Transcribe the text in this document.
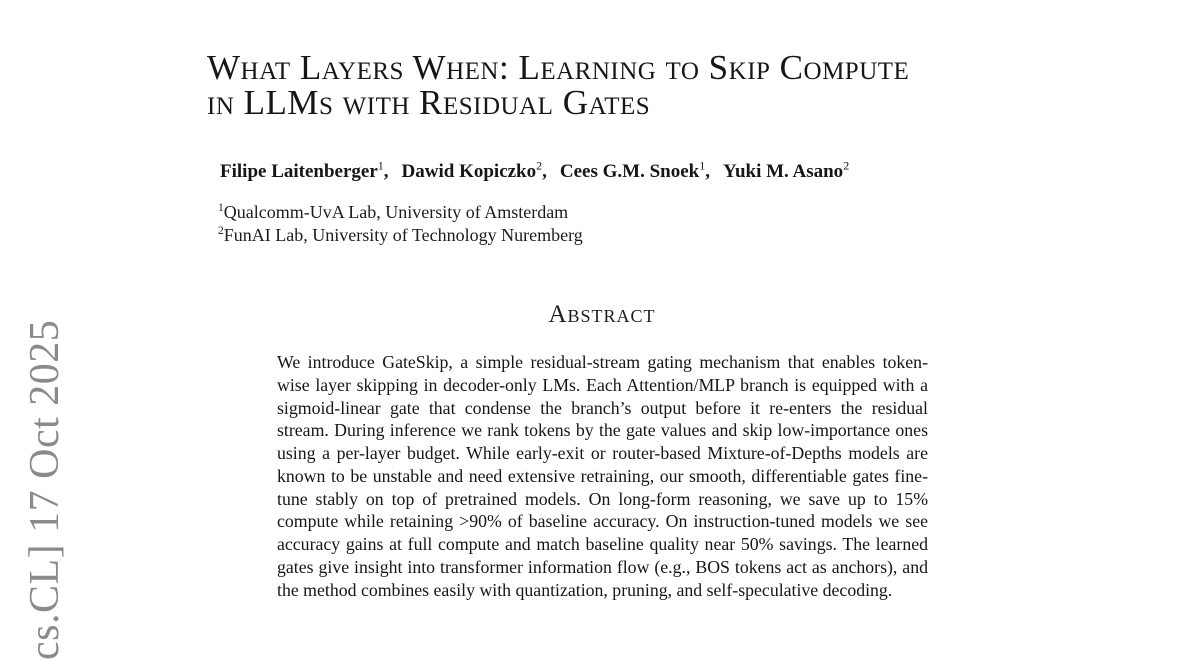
cs.CL] 17 Oct 2025
What Layers When: Learning to Skip Compute
in LLMs with Residual Gates
Filipe Laitenberger$^1$, Dawid Kopiczko$^2$, Cees G.M. Snoek$^1$, Yuki M. Asano$^2$
$^1$Qualcomm-UvA Lab, University of Amsterdam
$^2$FunAI Lab, University of Technology Nuremberg
Abstract

We introduce GateSkip, a simple residual-stream gating mechanism that enables token-wise layer skipping in decoder-only LMs. Each Attention/MLP branch is equipped with a sigmoid-linear gate that condense the branch’s output before it re-enters the residual stream. During inference we rank tokens by the gate values and skip low-importance ones using a per-layer budget. While early-exit or router-based Mixture-of-Depths models are known to be unstable and need extensive retraining, our smooth, differentiable gates fine-tune stably on top of pretrained models. On long-form reasoning, we save up to 15% compute while retaining >90% of baseline accuracy. On instruction-tuned models we see accuracy gains at full compute and match baseline quality near 50% savings. The learned gates give insight into transformer information flow (e.g., BOS tokens act as anchors), and the method combines easily with quantization, pruning, and self-speculative decoding.
